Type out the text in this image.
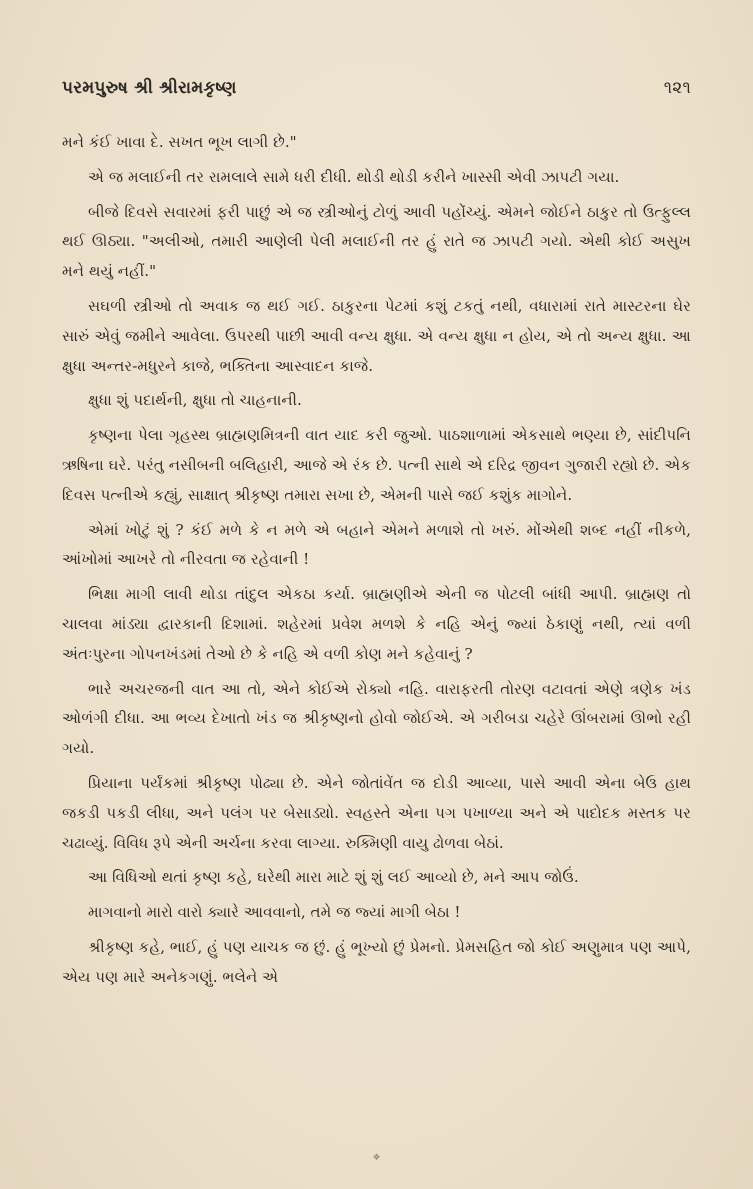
પરમપુરુષ શ્રી શ્રીરામકૃષ્ણ	૧૨૧

મને કંઈ ખાવા દે. સખત ભૂખ લાગી છે."

એ જ મલાઈની તર રામલાલે સામે ધરી દીધી. થોડી થોડી કરીને ખાસ્સી એવી ઝાપટી ગયા.

બીજે દિવસે સવારમાં ફરી પાછું એ જ સ્ત્રીઓનું ટોળું આવી પહોંચ્યું. એમને જોઈને ઠાકુર તો ઉત્ફુલ્લ થઈ ઊઠ્યા. "અલીઓ, તમારી આણેલી પેલી મલાઈની તર હું રાતે જ ઝાપટી ગયો. એથી કોઈ અસુખ મને થયું નહીં."

સઘળી સ્ત્રીઓ તો અવાક જ થઈ ગઈ. ઠાકુરના પેટમાં કશું ટકતું નથી, વધારામાં રાતે માસ્ટરના ઘેર સારું એવું જમીને આવેલા. ઉપરથી પાછી આવી વન્ય ક્ષુધા. એ વન્ય ક્ષુધા ન હોય, એ તો અન્ય ક્ષુધા. આ ક્ષુધા અન્તર-મધુરને કાજે, ભક્તિના આસ્વાદન કાજે.

ક્ષુધા શું પદાર્થની, ક્ષુધા તો ચાહનાની.

કૃષ્ણના પેલા ગૃહસ્થ બ્રાહ્મણમિત્રની વાત યાદ કરી જુઓ. પાઠશાળામાં એકસાથે ભણ્યા છે, સાંદીપનિ ઋષિના ઘરે. પરંતુ નસીબની બલિહારી, આજે એ રંક છે. પત્ની સાથે એ દરિદ્ર જીવન ગુજારી રહ્યો છે. એક દિવસ પત્નીએ કહ્યું, સાક્ષાત્ શ્રીકૃષ્ણ તમારા સખા છે, એમની પાસે જઈ કશુંક માગોને.

એમાં ખોટું શું ? કંઈ મળે કે ન મળે એ બહાને એમને મળાશે તો ખરું. મોંએથી શબ્દ નહીં નીકળે, આંખોમાં આખરે તો નીરવતા જ રહેવાની !

ભિક્ષા માગી લાવી થોડા તાંદુલ એકઠા કર્યા. બ્રાહ્મણીએ એની જ પોટલી બાંધી આપી. બ્રાહ્મણ તો ચાલવા માંડ્યા દ્વારકાની દિશામાં. શહેરમાં પ્રવેશ મળશે કે નહિ એનું જ્યાં ઠેકાણું નથી, ત્યાં વળી અંતઃપુરના ગોપનખંડમાં તેઓ છે કે નહિ એ વળી કોણ મને કહેવાનું ?

ભારે અચરજની વાત આ તો, એને કોઈએ રોક્યો નહિ. વારાફરતી તોરણ વટાવતાં એણે ત્રણેક ખંડ ઓળંગી દીધા. આ ભવ્ય દેખાતો ખંડ જ શ્રીકૃષ્ણનો હોવો જોઈએ. એ ગરીબડા ચહેરે ઊંબરામાં ઊભો રહી ગયો.

પ્રિયાના પર્યંકમાં શ્રીકૃષ્ણ પોઢ્યા છે. એને જોતાંવેંત જ દોડી આવ્યા, પાસે આવી એના બેઉ હાથ જકડી પકડી લીધા, અને પલંગ પર બેસાડ્યો. સ્વહસ્તે એના પગ પખાળ્યા અને એ પાદોદક મસ્તક પર ચઢાવ્યું. વિવિધ રૂપે એની અર્ચના કરવા લાગ્યા. રુક્મિણી વાયુ ઢોળવા બેઠાં.

આ વિધિઓ થતાં કૃષ્ણ કહે, ઘરેથી મારા માટે શું શું લઈ આવ્યો છે, મને આપ જોઉં.

માગવાનો મારો વારો ક્યારે આવવાનો, તમે જ જ્યાં માગી બેઠા !

શ્રીકૃષ્ણ કહે, ભાઈ, હું પણ યાચક જ છું. હું ભૂખ્યો છું પ્રેમનો. પ્રેમસહિત જો કોઈ અણુમાત્ર પણ આપે, એય પણ મારે અનેકગણું. ભલેને એ

❖
